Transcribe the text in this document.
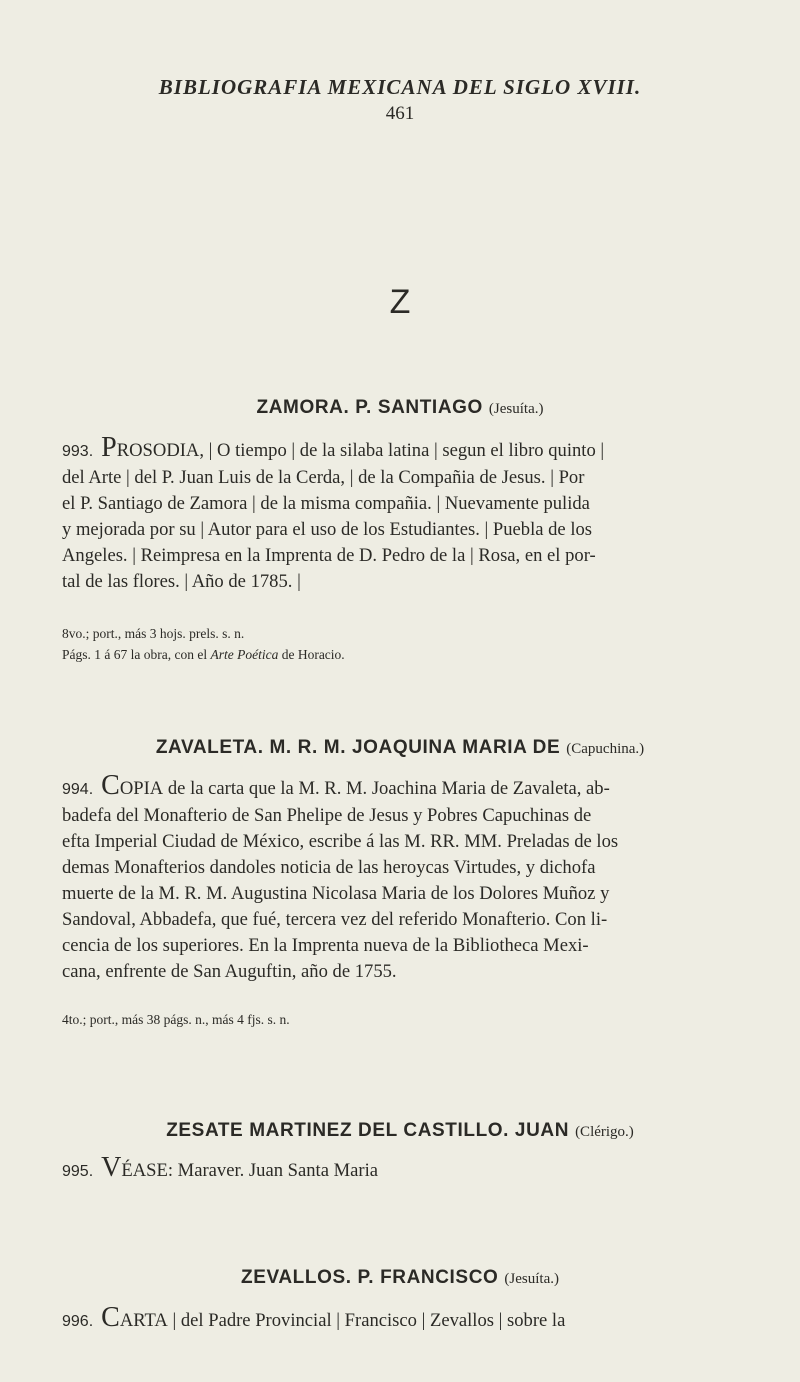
BIBLIOGRAFIA MEXICANA DEL SIGLO XVIII.
461
Z
ZAMORA. P. SANTIAGO (Jesuíta.)
993. PROSODIA, | O tiempo | de la silaba latina | segun el libro quinto |
del Arte | del P. Juan Luis de la Cerda, | de la Compañia de Jesus. | Por
el P. Santiago de Zamora | de la misma compañia. | Nuevamente pulida
y mejorada por su | Autor para el uso de los Estudiantes. | Puebla de los
Angeles. | Reimpresa en la Imprenta de D. Pedro de la | Rosa, en el por-
tal de las flores. | Año de 1785. |
8vo.; port., más 3 hojs. prels. s. n.
Págs. 1 á 67 la obra, con el Arte Poética de Horacio.
ZAVALETA. M. R. M. JOAQUINA MARIA DE (Capuchina.)
994. COPIA de la carta que la M. R. M. Joachina Maria de Zavaleta, ab-
badefa del Monafterio de San Phelipe de Jesus y Pobres Capuchinas de
efta Imperial Ciudad de México, escribe á las M. RR. MM. Preladas de los
demas Monafterios dandoles noticia de las heroycas Virtudes, y dichofa
muerte de la M. R. M. Augustina Nicolasa Maria de los Dolores Muñoz y
Sandoval, Abbadefa, que fué, tercera vez del referido Monafterio. Con li-
cencia de los superiores. En la Imprenta nueva de la Bibliotheca Mexi-
cana, enfrente de San Auguftin, año de 1755.
4to.; port., más 38 págs. n., más 4 fjs. s. n.
ZESATE MARTINEZ DEL CASTILLO. JUAN (Clérigo.)
995. VÉASE: Maraver. Juan Santa Maria
ZEVALLOS. P. FRANCISCO (Jesuíta.)
996. CARTA | del Padre Provincial | Francisco | Zevallos | sobre la
